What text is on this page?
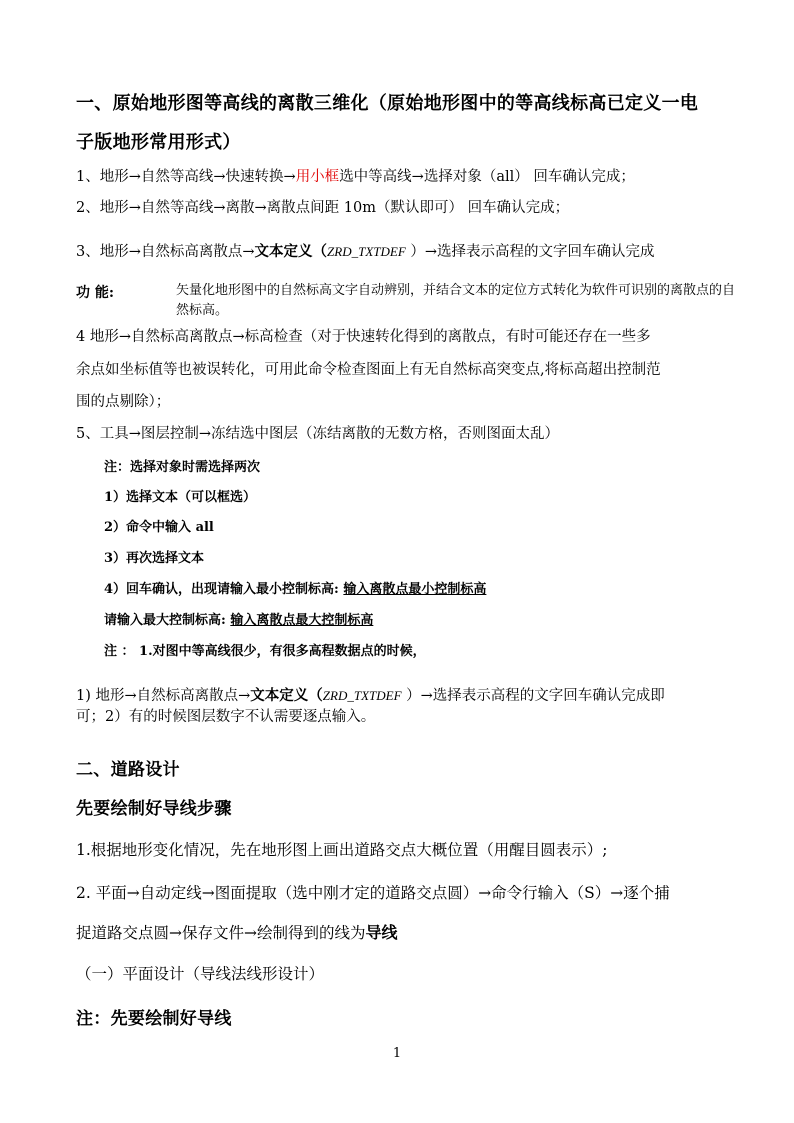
一、原始地形图等高线的离散三维化（原始地形图中的等高线标高已定义一电
子版地形常用形式）
1、地形→自然等高线→快速转换→用小框选中等高线→选择对象（all） 回车确认完成；
2、地形→自然等高线→离散→离散点间距 10m（默认即可） 回车确认完成；
3、地形→自然标高离散点→文本定义（ZRD_TXTDEF ）→选择表示高程的文字回车确认完成
功 能:	矢量化地形图中的自然标高文字自动辨别，并结合文本的定位方式转化为软件可识别的离散点的自然标高。
4 地形→自然标高离散点→标高检查（对于快速转化得到的离散点，有时可能还存在一些多
余点如坐标值等也被误转化，可用此命令检查图面上有无自然标高突变点,将标高超出控制范
围的点剔除）；
5、工具→图层控制→冻结选中图层（冻结离散的无数方格，否则图面太乱）
注：选择对象时需选择两次
1）选择文本（可以框选）
2）命令中输入 all
3）再次选择文本
4）回车确认，出现请输入最小控制标高: 输入离散点最小控制标高
请输入最大控制标高: 输入离散点最大控制标高
注 ： 1.对图中等高线很少，有很多高程数据点的时候，
1) 地形→自然标高离散点→文本定义（ZRD_TXTDEF ）→选择表示高程的文字回车确认完成即
可；2）有的时候图层数字不认需要逐点输入。
二、道路设计
先要绘制好导线步骤
1.根据地形变化情况，先在地形图上画出道路交点大概位置（用醒目圆表示）;
2. 平面→自动定线→图面提取（选中刚才定的道路交点圆）→命令行输入（S）→逐个捕
捉道路交点圆→保存文件→绘制得到的线为导线
（一）平面设计（导线法线形设计）
注：先要绘制好导线
1
